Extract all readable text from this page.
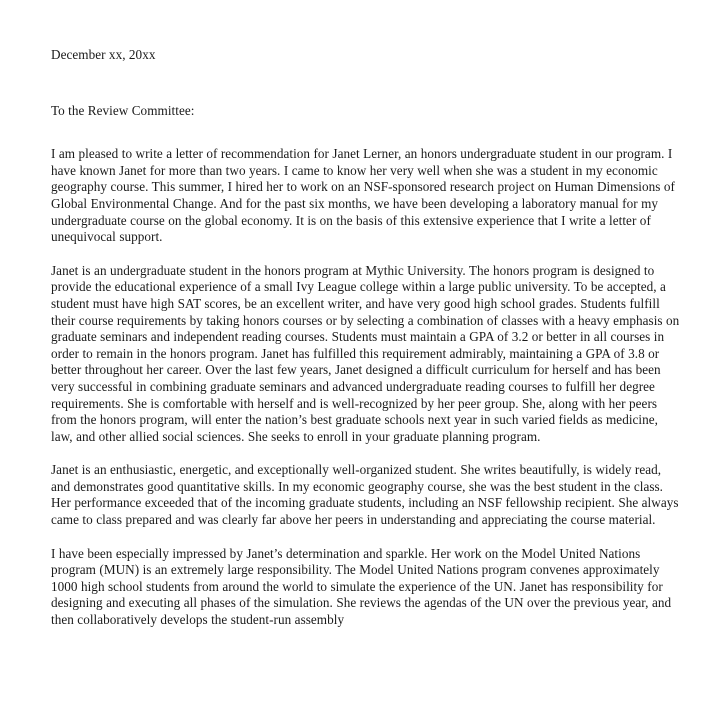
December xx, 20xx

To the Review Committee:

I am pleased to write a letter of recommendation for Janet Lerner, an honors undergraduate student in our program. I have known Janet for more than two years. I came to know her very well when she was a student in my economic geography course. This summer, I hired her to work on an NSF-sponsored research project on Human Dimensions of Global Environmental Change. And for the past six months, we have been developing a laboratory manual for my undergraduate course on the global economy. It is on the basis of this extensive experience that I write a letter of unequivocal support.

Janet is an undergraduate student in the honors program at Mythic University. The honors program is designed to provide the educational experience of a small Ivy League college within a large public university. To be accepted, a student must have high SAT scores, be an excellent writer, and have very good high school grades. Students fulfill their course requirements by taking honors courses or by selecting a combination of classes with a heavy emphasis on graduate seminars and independent reading courses. Students must maintain a GPA of 3.2 or better in all courses in order to remain in the honors program. Janet has fulfilled this requirement admirably, maintaining a GPA of 3.8 or better throughout her career. Over the last few years, Janet designed a difficult curriculum for herself and has been very successful in combining graduate seminars and advanced undergraduate reading courses to fulfill her degree requirements. She is comfortable with herself and is well-recognized by her peer group. She, along with her peers from the honors program, will enter the nation’s best graduate schools next year in such varied fields as medicine, law, and other allied social sciences. She seeks to enroll in your graduate planning program.

Janet is an enthusiastic, energetic, and exceptionally well-organized student. She writes beautifully, is widely read, and demonstrates good quantitative skills. In my economic geography course, she was the best student in the class. Her performance exceeded that of the incoming graduate students, including an NSF fellowship recipient. She always came to class prepared and was clearly far above her peers in understanding and appreciating the course material.

I have been especially impressed by Janet’s determination and sparkle. Her work on the Model United Nations program (MUN) is an extremely large responsibility. The Model United Nations program convenes approximately 1000 high school students from around the world to simulate the experience of the UN. Janet has responsibility for designing and executing all phases of the simulation. She reviews the agendas of the UN over the previous year, and then collaboratively develops the student-run assembly
